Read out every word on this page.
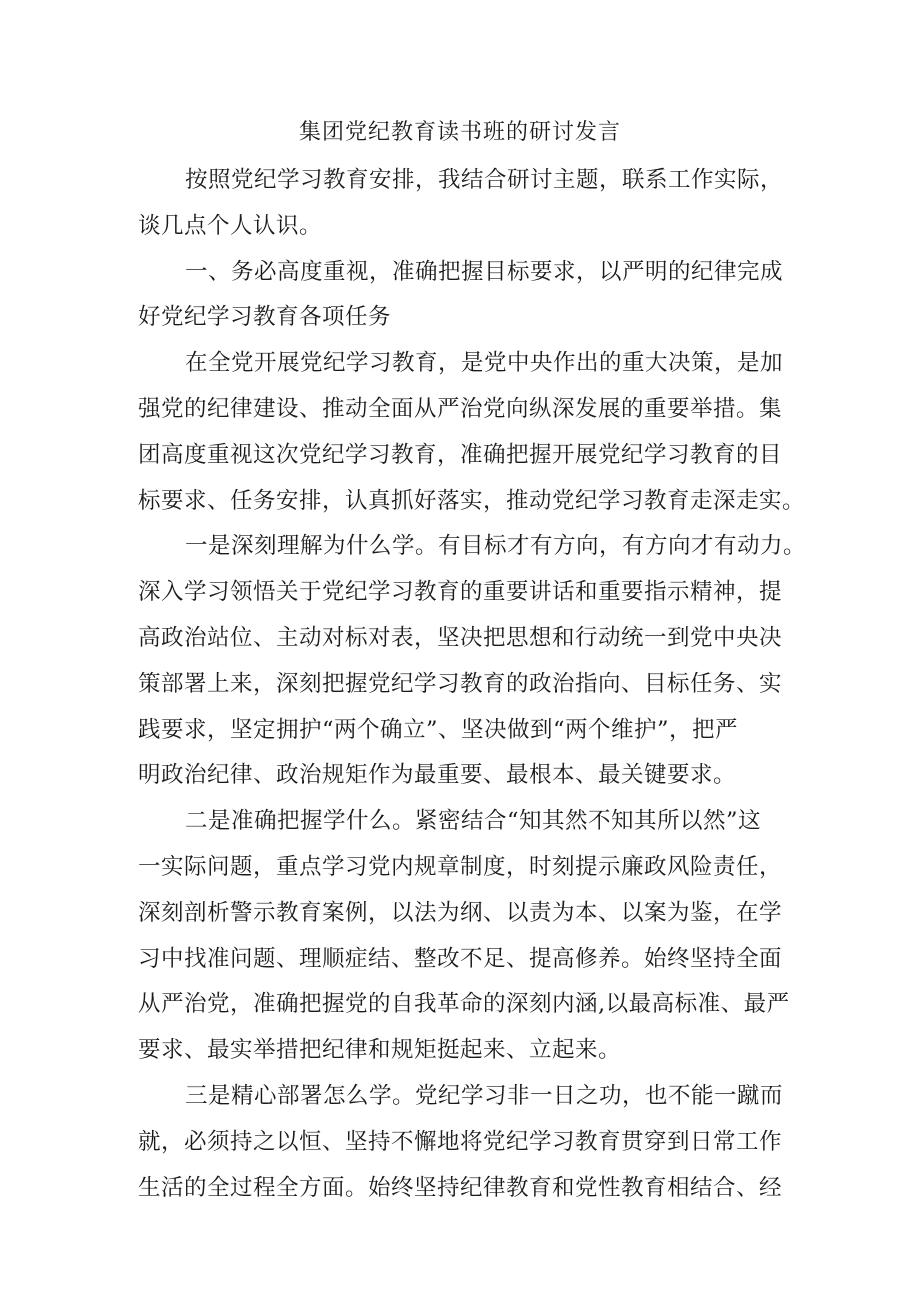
集团党纪教育读书班的研讨发言
按照党纪学习教育安排，我结合研讨主题，联系工作实际，
谈几点个人认识。
一、务必高度重视，准确把握目标要求，以严明的纪律完成
好党纪学习教育各项任务
在全党开展党纪学习教育，是党中央作出的重大决策，是加
强党的纪律建设、推动全面从严治党向纵深发展的重要举措。集
团高度重视这次党纪学习教育，准确把握开展党纪学习教育的目
标要求、任务安排，认真抓好落实，推动党纪学习教育走深走实。
一是深刻理解为什么学。有目标才有方向，有方向才有动力。
深入学习领悟关于党纪学习教育的重要讲话和重要指示精神，提
高政治站位、主动对标对表，坚决把思想和行动统一到党中央决
策部署上来，深刻把握党纪学习教育的政治指向、目标任务、实
践要求，坚定拥护“两个确立”、坚决做到“两个维护”，把严
明政治纪律、政治规矩作为最重要、最根本、最关键要求。
二是准确把握学什么。紧密结合“知其然不知其所以然”这
一实际问题，重点学习党内规章制度，时刻提示廉政风险责任，
深刻剖析警示教育案例，以法为纲、以责为本、以案为鉴，在学
习中找准问题、理顺症结、整改不足、提高修养。始终坚持全面
从严治党，准确把握党的自我革命的深刻内涵,以最高标准、最严
要求、最实举措把纪律和规矩挺起来、立起来。
三是精心部署怎么学。党纪学习非一日之功，也不能一蹴而
就，必须持之以恒、坚持不懈地将党纪学习教育贯穿到日常工作
生活的全过程全方面。始终坚持纪律教育和党性教育相结合、经
